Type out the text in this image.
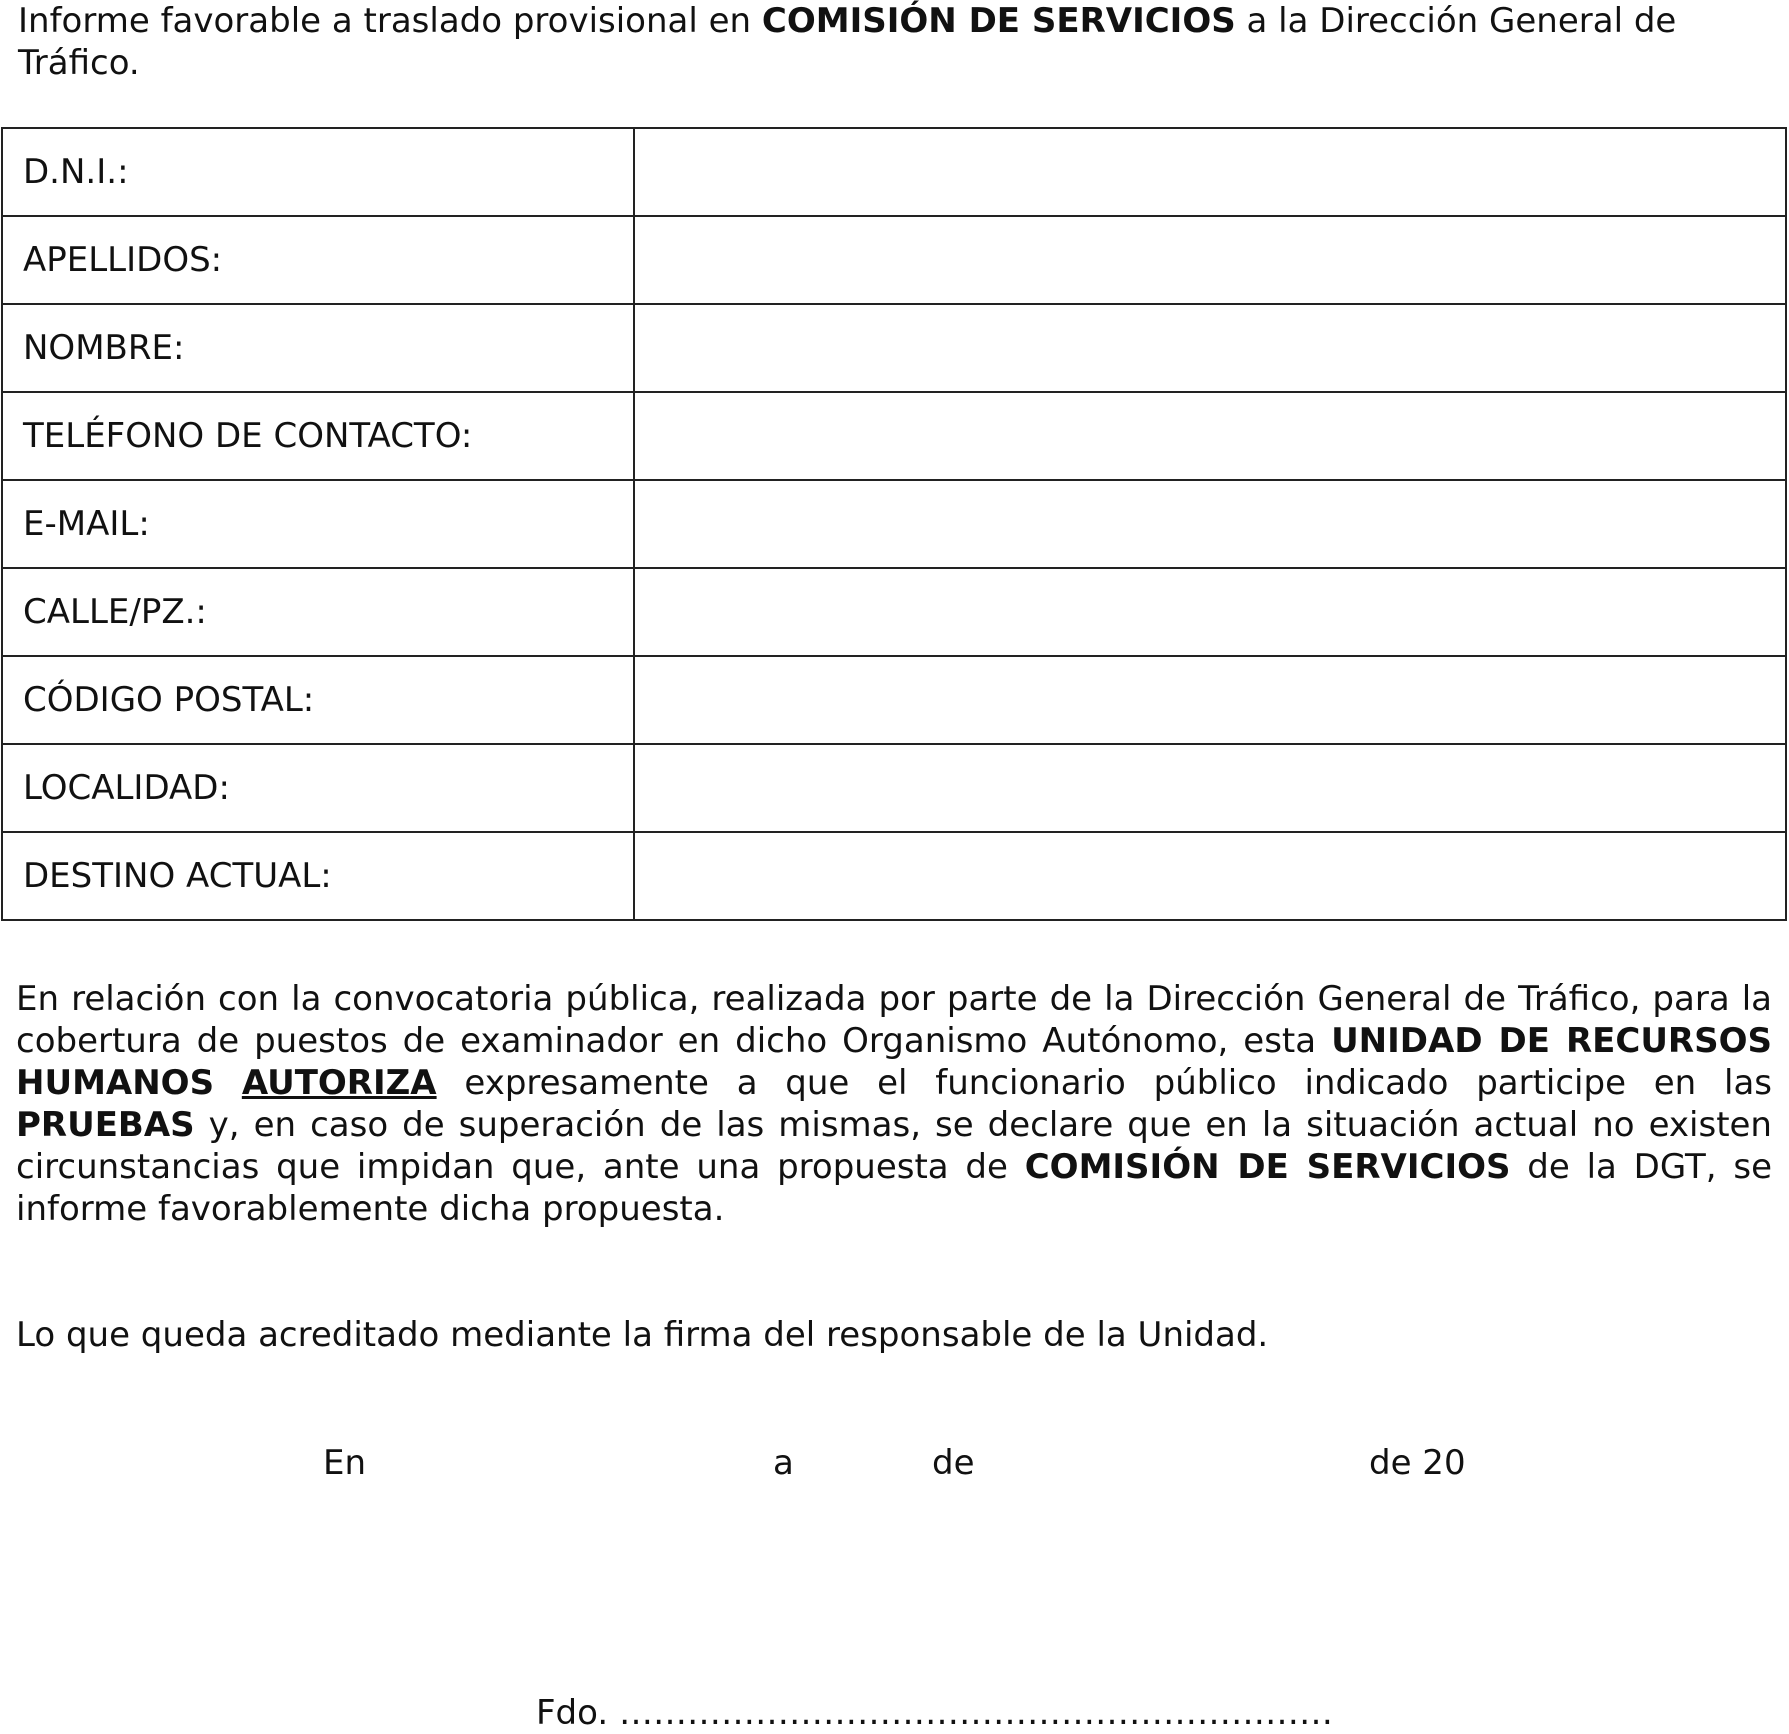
Informe favorable a traslado provisional en COMISIÓN DE SERVICIOS a la Dirección General de Tráfico.

D.N.I.:	
APELLIDOS:	
NOMBRE:	
TELÉFONO DE CONTACTO:	
E-MAIL:	
CALLE/PZ.:	
CÓDIGO POSTAL:	
LOCALIDAD:	
DESTINO ACTUAL:	

En relación con la convocatoria pública, realizada por parte de la Dirección General de Tráfico, para la cobertura de puestos de examinador en dicho Organismo Autónomo, esta UNIDAD DE RECURSOS HUMANOS AUTORIZA expresamente a que el funcionario público indicado participe en las PRUEBAS y, en caso de superación de las mismas, se declare que en la situación actual no existen circunstancias que impidan que, ante una propuesta de COMISIÓN DE SERVICIOS de la DGT, se informe favorablemente dicha propuesta.

Lo que queda acreditado mediante la firma del responsable de la Unidad.

En	a	de	de 20
Fdo. ………………………………………………………
